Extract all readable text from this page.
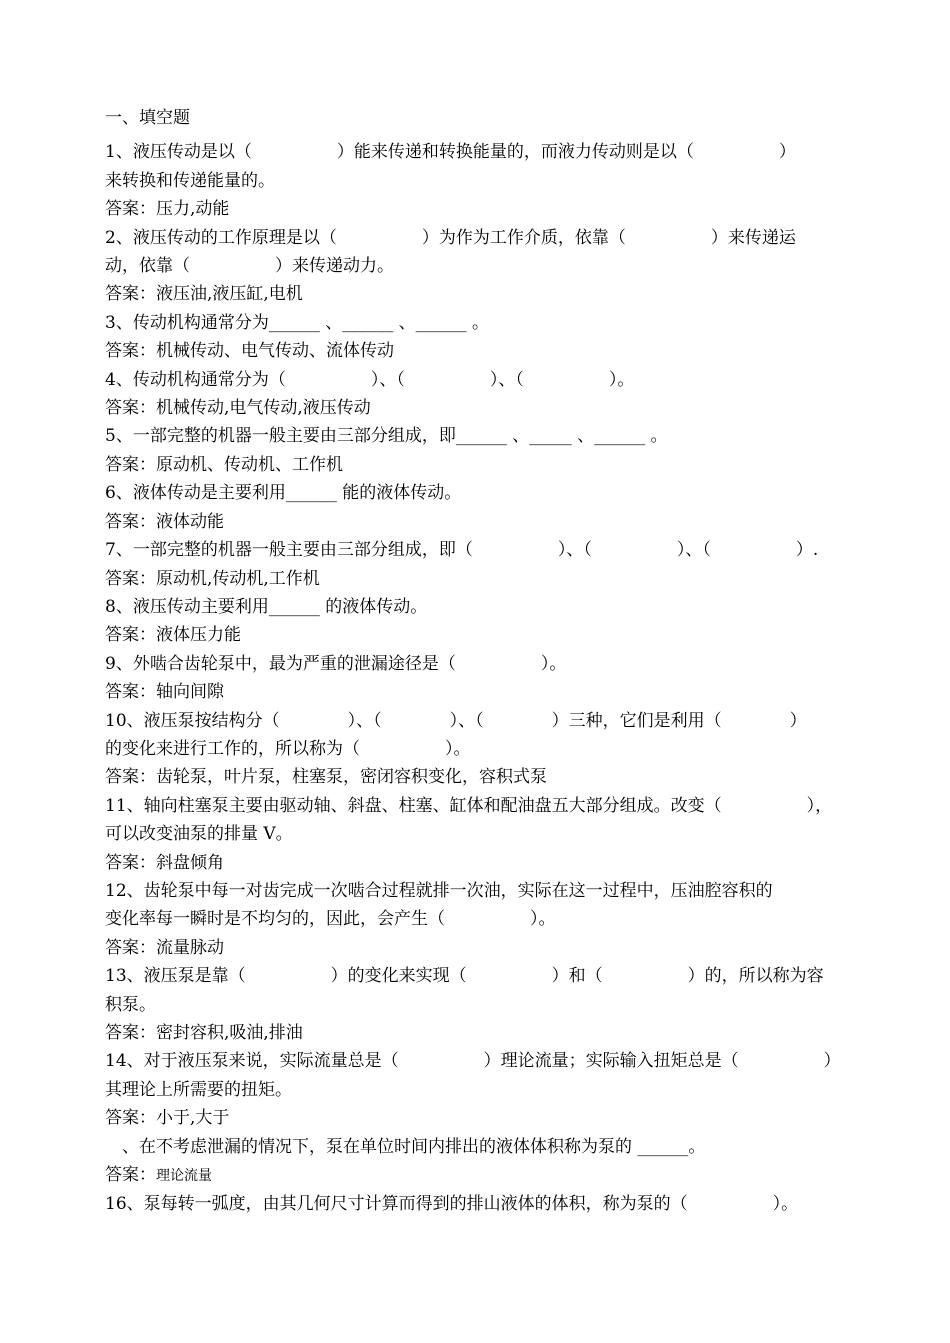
一、填空题
1、液压传动是以（　　　　　）能来传递和转换能量的，而液力传动则是以（　　　　　）
来转换和传递能量的。
答案：压力,动能
2、液压传动的工作原理是以（　　　　　）为作为工作介质，依靠（　　　　　）来传递运
动，依靠（　　　　　）来传递动力。
答案：液压油,液压缸,电机
3、传动机构通常分为______ 、______ 、______ 。
答案：机械传动、电气传动、流体传动
4、传动机构通常分为（　　　　　）、（　　　　　）、（　　　　　）。
答案：机械传动,电气传动,液压传动
5、一部完整的机器一般主要由三部分组成，即______ 、_____ 、______ 。
答案：原动机、传动机、工作机
6、液体传动是主要利用______ 能的液体传动。
答案：液体动能
7、一部完整的机器一般主要由三部分组成，即（　　　　　）、（　　　　　）、（　　　　　）.
答案：原动机,传动机,工作机
8、液压传动主要利用______ 的液体传动。
答案：液体压力能
9、外啮合齿轮泵中，最为严重的泄漏途径是（　　　　　）。
答案：轴向间隙
10、液压泵按结构分（　　　　）、（　　　　）、（　　　　）三种，它们是利用（　　　　）
的变化来进行工作的，所以称为（　　　　　）。
答案：齿轮泵，叶片泵，柱塞泵，密闭容积变化，容积式泵
11、轴向柱塞泵主要由驱动轴、斜盘、柱塞、缸体和配油盘五大部分组成。改变（　　　　　），
可以改变油泵的排量 V。
答案：斜盘倾角
12、齿轮泵中每一对齿完成一次啮合过程就排一次油，实际在这一过程中，压油腔容积的
变化率每一瞬时是不均匀的，因此，会产生（　　　　　）。
答案：流量脉动
13、液压泵是靠（　　　　　）的变化来实现（　　　　　）和（　　　　　）的，所以称为容
积泵。
答案：密封容积,吸油,排油
14、对于液压泵来说，实际流量总是（　　　　　）理论流量；实际输入扭矩总是（　　　　　）
其理论上所需要的扭矩。
答案：小于,大于
　、在不考虑泄漏的情况下，泵在单位时间内排出的液体体积称为泵的 ______。
答案：理论流量
16、泵每转一弧度，由其几何尺寸计算而得到的排山液体的体积，称为泵的（　　　　　）。
